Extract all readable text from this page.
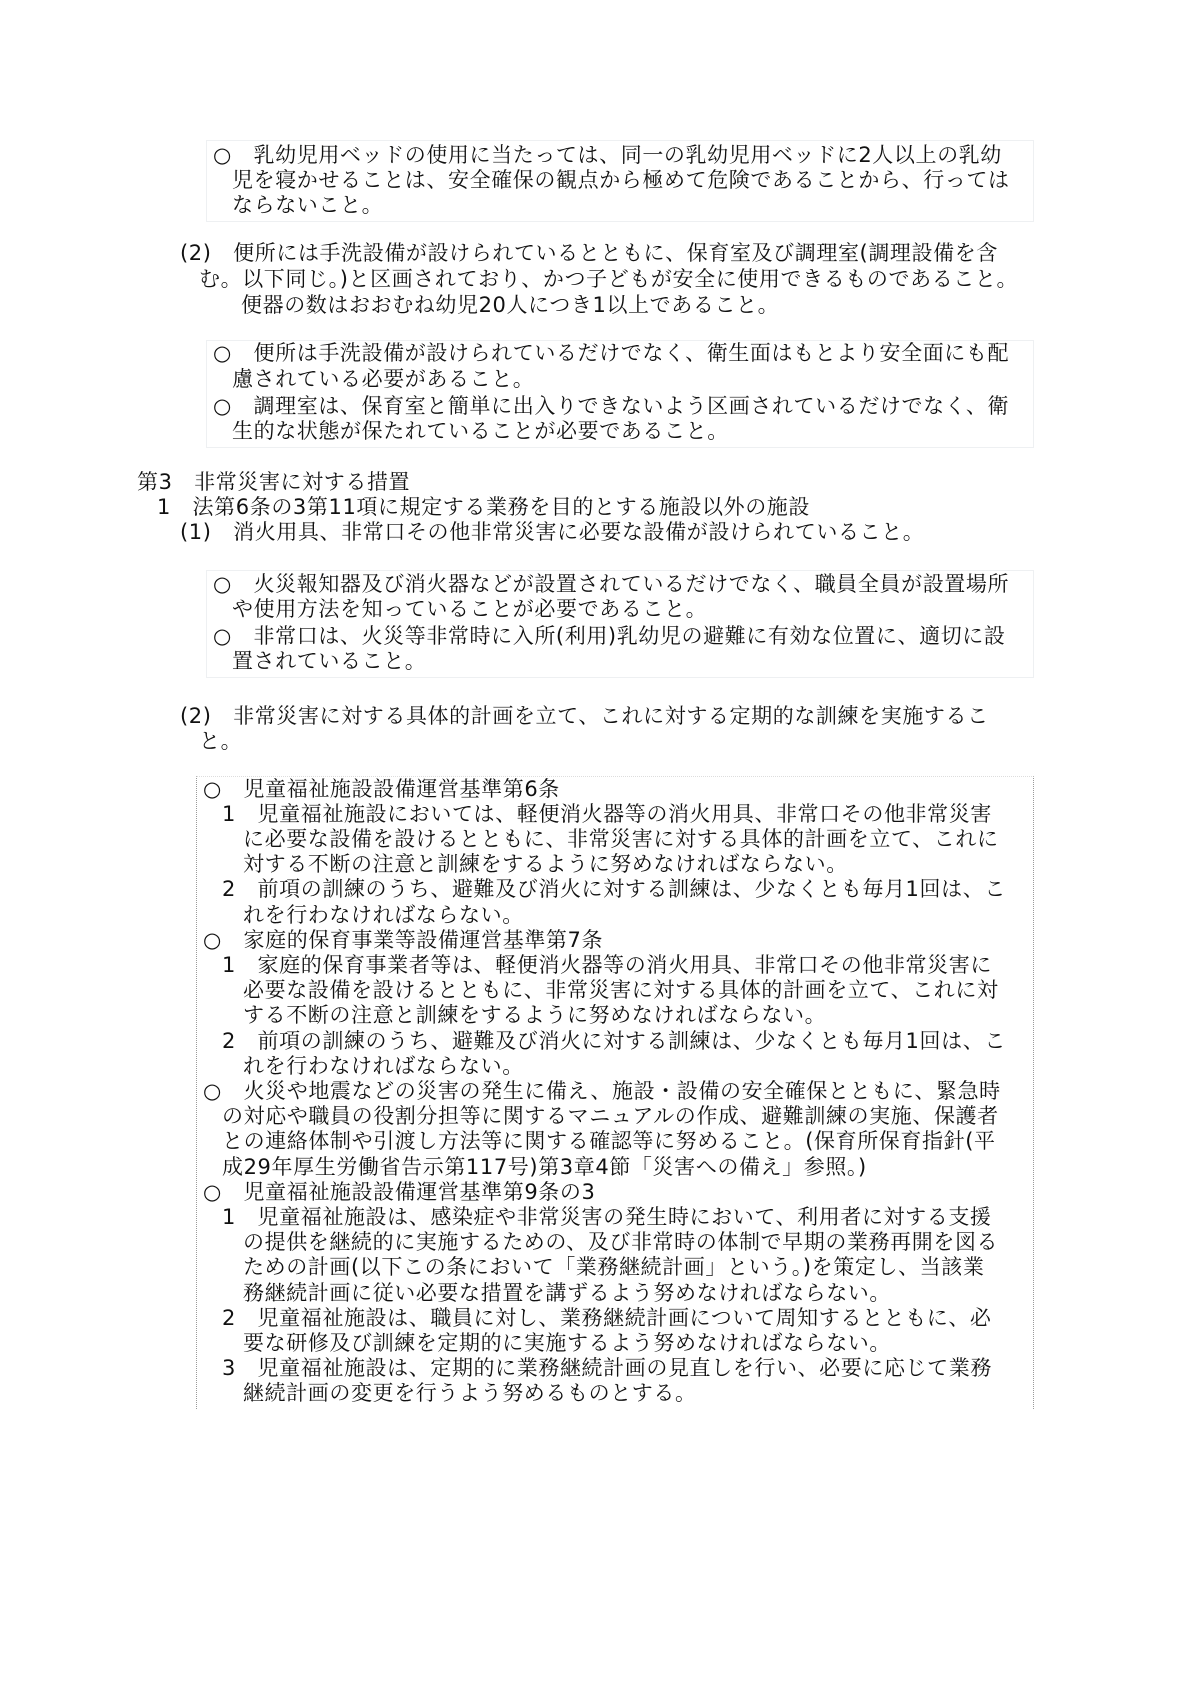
○　乳幼児用ベッドの使用に当たっては、同一の乳幼児用ベッドに2人以上の乳幼
児を寝かせることは、安全確保の観点から極めて危険であることから、行っては
ならないこと。
(2)　便所には手洗設備が設けられているとともに、保育室及び調理室(調理設備を含
む。以下同じ。)と区画されており、かつ子どもが安全に使用できるものであること。
便器の数はおおむね幼児20人につき1以上であること。
○　便所は手洗設備が設けられているだけでなく、衛生面はもとより安全面にも配
慮されている必要があること。
○　調理室は、保育室と簡単に出入りできないよう区画されているだけでなく、衛
生的な状態が保たれていることが必要であること。
第3　非常災害に対する措置
1　法第6条の3第11項に規定する業務を目的とする施設以外の施設
(1)　消火用具、非常口その他非常災害に必要な設備が設けられていること。
○　火災報知器及び消火器などが設置されているだけでなく、職員全員が設置場所
や使用方法を知っていることが必要であること。
○　非常口は、火災等非常時に入所(利用)乳幼児の避難に有効な位置に、適切に設
置されていること。
(2)　非常災害に対する具体的計画を立て、これに対する定期的な訓練を実施するこ
と。
○　児童福祉施設設備運営基準第6条
1　児童福祉施設においては、軽便消火器等の消火用具、非常口その他非常災害
に必要な設備を設けるとともに、非常災害に対する具体的計画を立て、これに
対する不断の注意と訓練をするように努めなければならない。
2　前項の訓練のうち、避難及び消火に対する訓練は、少なくとも毎月1回は、こ
れを行わなければならない。
○　家庭的保育事業等設備運営基準第7条
1　家庭的保育事業者等は、軽便消火器等の消火用具、非常口その他非常災害に
必要な設備を設けるとともに、非常災害に対する具体的計画を立て、これに対
する不断の注意と訓練をするように努めなければならない。
2　前項の訓練のうち、避難及び消火に対する訓練は、少なくとも毎月1回は、こ
れを行わなければならない。
○　火災や地震などの災害の発生に備え、施設・設備の安全確保とともに、緊急時
の対応や職員の役割分担等に関するマニュアルの作成、避難訓練の実施、保護者
との連絡体制や引渡し方法等に関する確認等に努めること。(保育所保育指針(平
成29年厚生労働省告示第117号)第3章4節「災害への備え」参照。)
○　児童福祉施設設備運営基準第9条の3
1　児童福祉施設は、感染症や非常災害の発生時において、利用者に対する支援
の提供を継続的に実施するための、及び非常時の体制で早期の業務再開を図る
ための計画(以下この条において「業務継続計画」という。)を策定し、当該業
務継続計画に従い必要な措置を講ずるよう努めなければならない。
2　児童福祉施設は、職員に対し、業務継続計画について周知するとともに、必
要な研修及び訓練を定期的に実施するよう努めなければならない。
3　児童福祉施設は、定期的に業務継続計画の見直しを行い、必要に応じて業務
継続計画の変更を行うよう努めるものとする。
